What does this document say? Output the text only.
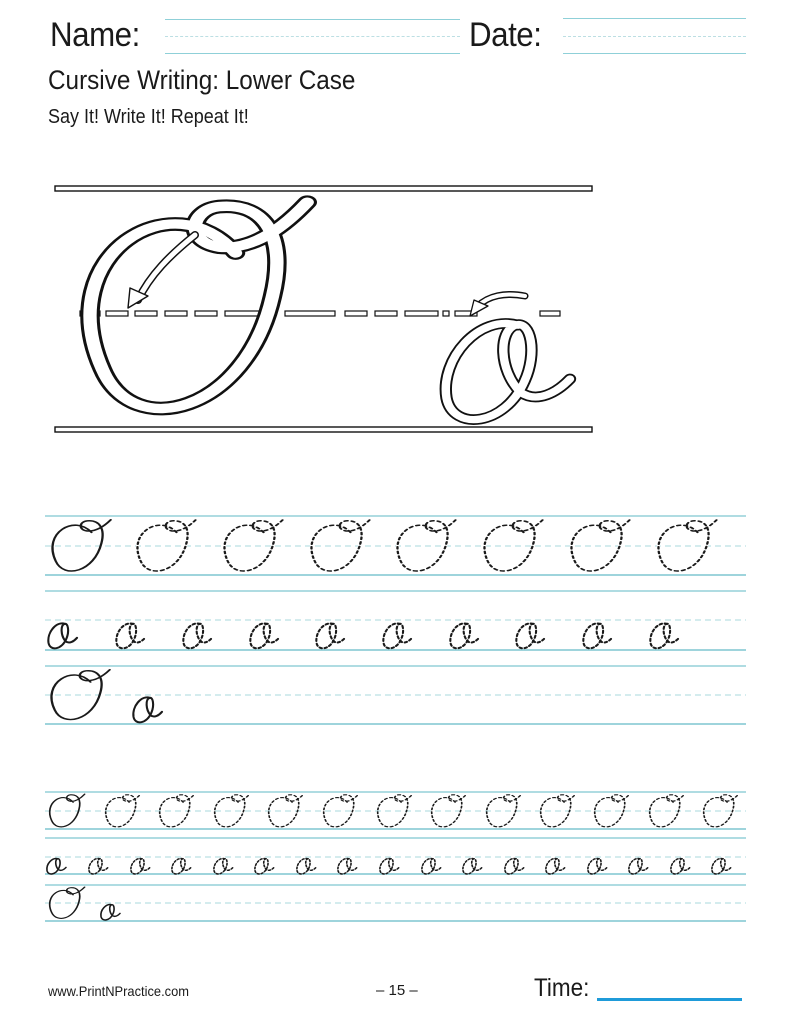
Name:	Date:
Cursive Writing: Lower Case
Say It! Write It! Repeat It!
www.PrintNPractice.com	– 15 –	Time:
